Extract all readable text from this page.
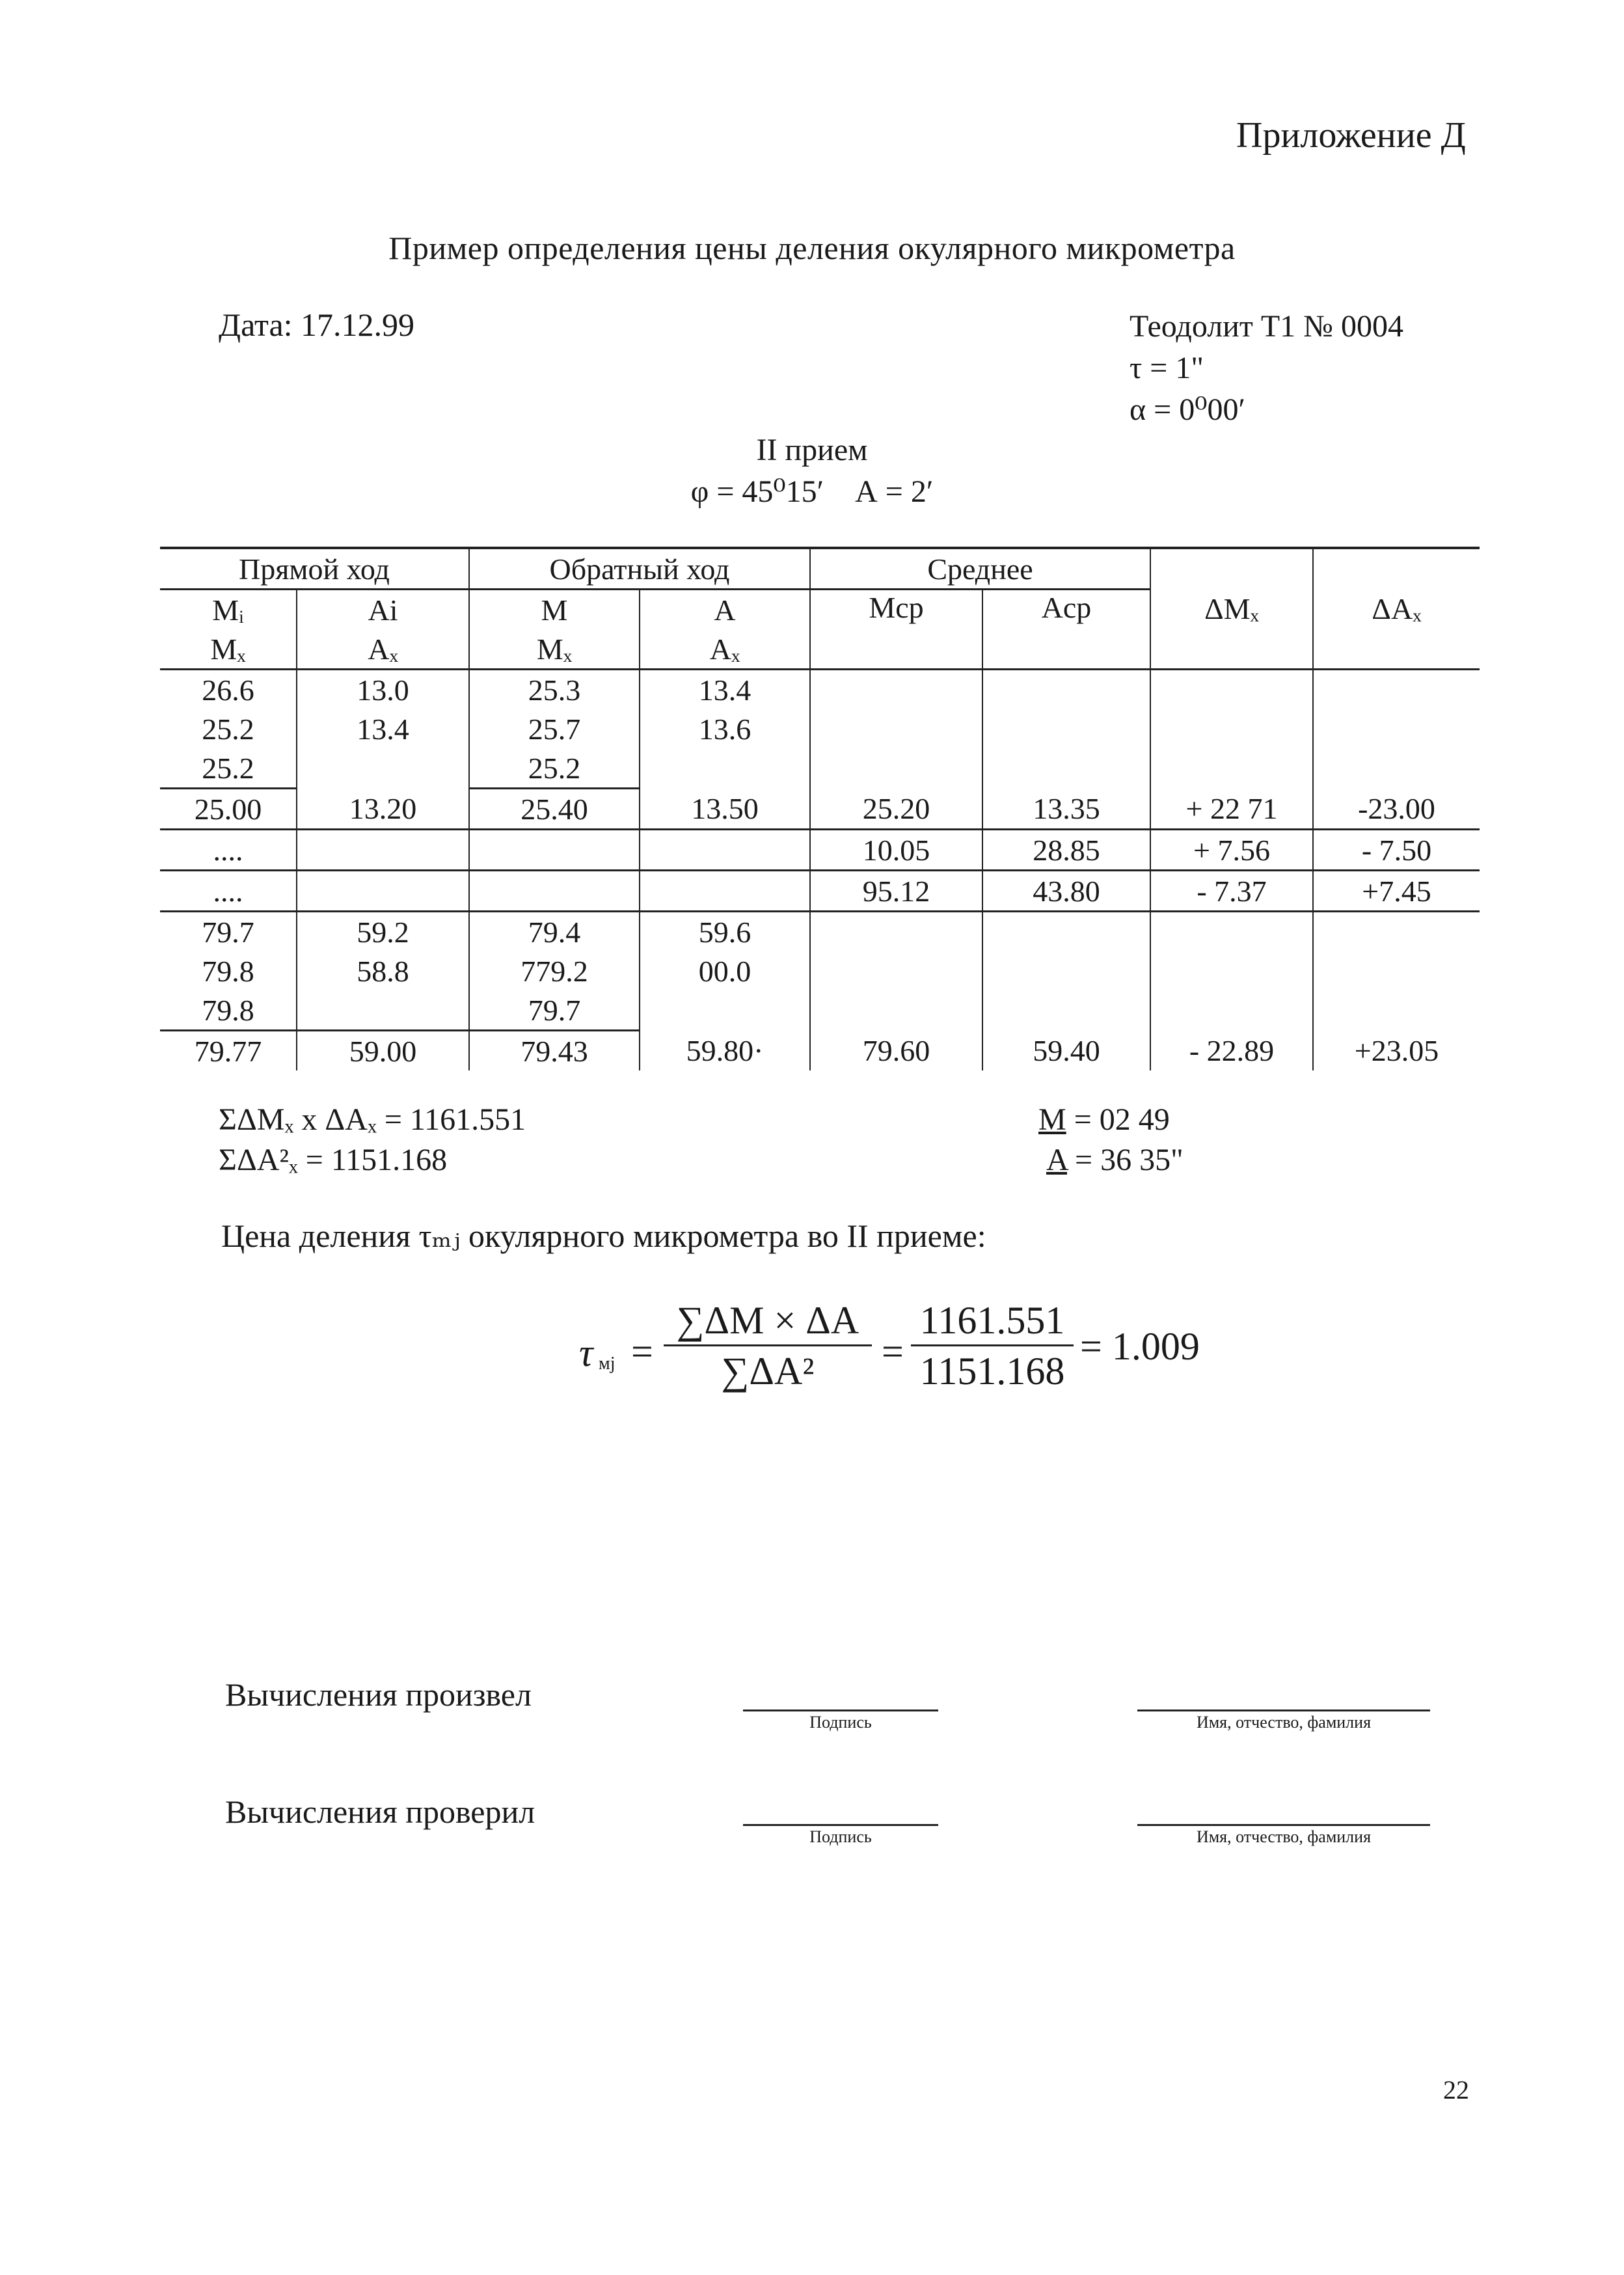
Приложение Д
Пример определения цены деления окулярного микрометра
Дата: 17.12.99	Теодолит Т1 № 0004
τ = 1"
α = 0⁰00′
II прием
φ = 45⁰15′    А = 2′
Прямой ход		Обратный ход		Среднее		ΔMₓ	ΔAₓ
Mᵢ	Ai	M	A	Mср	Aср		
Mₓ	Aₓ	Mₓ	Aₓ				
26.6	13.0	25.3	13.4				
25.2	13.4	25.7	13.6				
25.2		25.2					
25.00	13.20	25.40	13.50	25.20	13.35	+ 22 71	-23.00
....				10.05	28.85	+ 7.56	- 7.50
....				95.12	43.80	- 7.37	+7.45
79.7	59.2	79.4	59.6				
79.8	58.8	779.2	00.0				
79.8		79.7					
79.77	59.00	79.43	59.80·	79.60	59.40	- 22.89	+23.05
ΣΔMₓ x ΔAₓ = 1161.551
ΣΔA²ₓ = 1151.168
M = 02 49
A = 36 35"
Цена деления τₘⱼ окулярного микрометра во II приеме:
τ мj = $\frac{\sum\Delta M \times \Delta A}{\text{∑ΔA²}} = \frac{1161.551}{1151.168} = 1.009$
Вычисления произвел
Подпись	Имя, отчество, фамилия
Вычисления проверил
Подпись	Имя, отчество, фамилия
22
